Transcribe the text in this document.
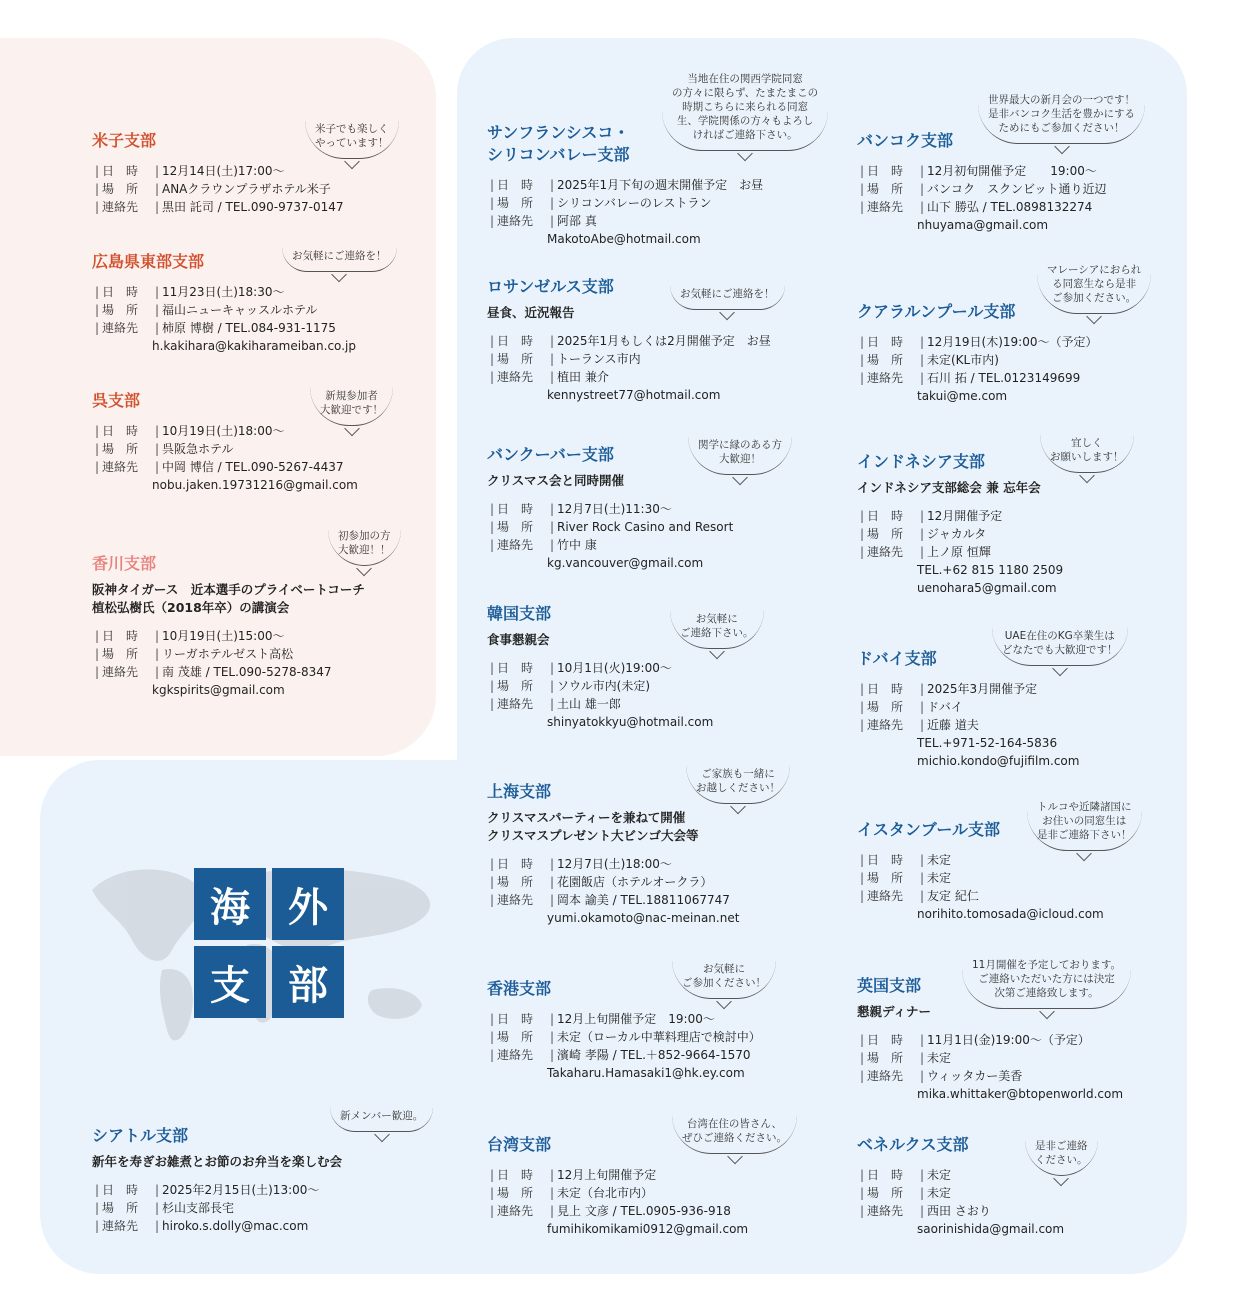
海 外
支 部
米子支部
| 日　時	| 12月14日(土)17:00～
| 場　所	| ANAクラウンプラザホテル米子
| 連絡先	| 黒田 託司 / TEL.090-9737-0147
広島県東部支部
| 日　時	| 11月23日(土)18:30～
| 場　所	| 福山ニューキャッスルホテル
| 連絡先	| 柿原 博樹 / TEL.084-931-1175
h.kakihara@kakiharameiban.co.jp
呉支部
| 日　時	| 10月19日(土)18:00～
| 場　所	| 呉阪急ホテル
| 連絡先	| 中岡 博信 / TEL.090-5267-4437
nobu.jaken.19731216@gmail.com
香川支部
阪神タイガース　近本選手のプライベートコーチ
植松弘樹氏（2018年卒）の講演会
| 日　時	| 10月19日(土)15:00～
| 場　所	| リーガホテルゼスト高松
| 連絡先	| 南 茂雄 / TEL.090-5278-8347
kgkspirits@gmail.com
シアトル支部
新年を寿ぎお雑煮とお節のお弁当を楽しむ会
| 日　時	| 2025年2月15日(土)13:00～
| 場　所	| 杉山支部長宅
| 連絡先	| hiroko.s.dolly@mac.com
サンフランシスコ・
シリコンバレー支部
| 日　時	| 2025年1月下旬の週末開催予定　お昼
| 場　所	| シリコンバレーのレストラン
| 連絡先	| 阿部 真
MakotoAbe@hotmail.com
ロサンゼルス支部
昼食、近況報告
| 日　時	| 2025年1月もしくは2月開催予定　お昼
| 場　所	| トーランス市内
| 連絡先	| 植田 兼介
kennystreet77@hotmail.com
バンクーバー支部
クリスマス会と同時開催
| 日　時	| 12月7日(土)11:30～
| 場　所	| River Rock Casino and Resort
| 連絡先	| 竹中 康
kg.vancouver@gmail.com
韓国支部
食事懇親会
| 日　時	| 10月1日(火)19:00～
| 場　所	| ソウル市内(未定)
| 連絡先	| 土山 雄一郎
shinyatokkyu@hotmail.com
上海支部
クリスマスパーティーを兼ねて開催
クリスマスプレゼント大ビンゴ大会等
| 日　時	| 12月7日(土)18:00～
| 場　所	| 花園飯店（ホテルオークラ）
| 連絡先	| 岡本 諭美 / TEL.18811067747
yumi.okamoto@nac-meinan.net
香港支部
| 日　時	| 12月上旬開催予定　19:00～
| 場　所	| 未定（ローカル中華料理店で検討中）
| 連絡先	| 濱崎 孝陽 / TEL.＋852-9664-1570
Takaharu.Hamasaki1@hk.ey.com
台湾支部
| 日　時	| 12月上旬開催予定
| 場　所	| 未定（台北市内）
| 連絡先	| 見上 文彦 / TEL.0905-936-918
fumihikomikami0912@gmail.com
バンコク支部
| 日　時	| 12月初旬開催予定　　19:00～
| 場　所	| バンコク　スクンビット通り近辺
| 連絡先	| 山下 勝弘 / TEL.0898132274
nhuyama@gmail.com
クアラルンプール支部
| 日　時	| 12月19日(木)19:00～（予定）
| 場　所	| 未定(KL市内)
| 連絡先	| 石川 拓 / TEL.0123149699
takui@me.com
インドネシア支部
インドネシア支部総会 兼 忘年会
| 日　時	| 12月開催予定
| 場　所	| ジャカルタ
| 連絡先	| 上ノ原 恒輝
TEL.+62 815 1180 2509
uenohara5@gmail.com
ドバイ支部
| 日　時	| 2025年3月開催予定
| 場　所	| ドバイ
| 連絡先	| 近藤 道夫
TEL.+971-52-164-5836
michio.kondo@fujifilm.com
イスタンブール支部
| 日　時	| 未定
| 場　所	| 未定
| 連絡先	| 友定 紀仁
norihito.tomosada@icloud.com
英国支部
懇親ディナー
| 日　時	| 11月1日(金)19:00～（予定）
| 場　所	| 未定
| 連絡先	| ウィッタカー美香
mika.whittaker@btopenworld.com
ベネルクス支部
| 日　時	| 未定
| 場　所	| 未定
| 連絡先	| 西田 さおり
saorinishida@gmail.com
米子でも楽しく
やっています！
お気軽にご連絡を！
新規参加者
大歓迎です！
初参加の方
大歓迎！！
新メンバー歓迎。
当地在住の関西学院同窓
の方々に限らず、たまたまこの
時期こちらに来られる同窓
生、学院関係の方々もよろし
ければご連絡下さい。
お気軽にご連絡を！
関学に縁のある方
大歓迎！
お気軽に
ご連絡下さい。
ご家族も一緒に
お越しください！
お気軽に
ご参加ください！
台湾在住の皆さん、
ぜひご連絡ください。
世界最大の新月会の一つです！
是非バンコク生活を豊かにする
ためにもご参加ください！
マレーシアにおられ
る同窓生なら是非
ご参加ください。
宜しく
お願いします！
UAE在住のKG卒業生は
どなたでも大歓迎です！
トルコや近隣諸国に
お住いの同窓生は
是非ご連絡下さい！
11月開催を予定しております。
ご連絡いただいた方には決定
次第ご連絡致します。
是非ご連絡
ください。
